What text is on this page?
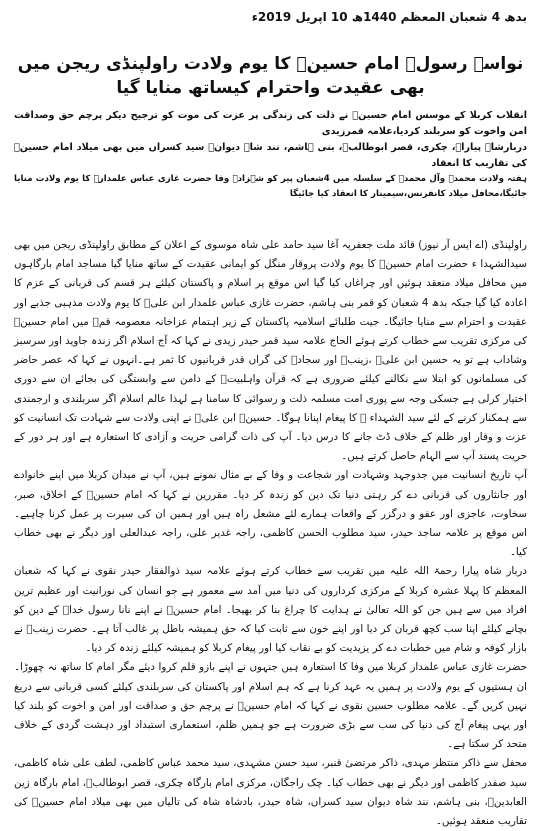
بدھ 4 شعبان المعظم 1440ھ 10 اپریل 2019ء
نواسہ رسولؐ امام حسینؑ کا یوم ولادت راولپنڈی ریجن میں بھی عقیدت واحترام کیساتھ منایا گیا
انقلاب کربلا کے موسس امام حسینؑ نے ذلت کی زندگی پر عزت کی موت کو ترجیح دیکر پرچم حق وصداقت امن واخوت کو سربلند کردیا،علامہ قمرزیدی
دربارشاہ پیاراؒ، چکری، قصر ابوطالبؑ، بنی ہاشم، نند شاہ دیوانؒ سید کسراں میں بھی میلاد امام حسینؑ کی تقاریب کا انعقاد
ہفتہ ولادت محمدؐ وآل محمدؐ کے سلسلہ میں 4شعبان پیر کو شہزادہ وفا حضرت غازی عباس علمدارؑ کا یوم ولادت منایا جائیگا،محافل میلاد کانفرنس،سیمینار کا انعقاد کیا جائیگا

راولپنڈی (اے ایس آر نیوز) قائد ملت جعفریہ آغا سید حامد علی شاہ موسوی کے اعلان کے مطابق راولپنڈی ریجن میں بھی سیدالشہدا ء حضرت امام حسینؑ کا یوم ولادت پروقار منگل کو ایمانی عقیدت کے ساتھ منایا گیا مساجد امام بارگاہوں میں محافل میلاد منعقد ہوئیں اور چراغاں کیا گیا اس موقع پر اسلام و پاکستان کیلئے ہر قسم کی قربانی کے عزم کا اعادہ کیا گیا جبکہ بدھ 4 شعبان کو قمر بنی ہاشم، حضرت غازی عباس علمدار ابن علیؑ کا یوم ولادت مذہبی جذبے اور عقیدت و احترام سے منایا جائیگا۔ جیت طلبائے اسلامیہ پاکستان کے زیر اہتمام عزاخانہ معصومہ قمؑ میں امام حسینؑ کی مرکزی تقریب سے خطاب کرتے ہوئے الحاج علامہ سید قمر حیدر زیدی نے کہا کہ آج اسلام اگر زندہ جاوید اور سرسبز وشاداب ہے تو یہ حسین ابن علیؑ ،زینبؑ اور سجادؑ کی گراں قدر قربانیوں کا ثمر ہے۔انہوں نے کہا کہ عصر حاضر کی مسلمانوں کو ابتلا سے نکالنے کیلئے ضروری ہے کہ قرآن واہلبیتؑ کے دامن سے وابستگی کی بجائے ان سے دوری اختیار کرلی ہے جسکی وجہ سے پوری امت مسلمہ ذلت و رسوائی کا سامنا ہے لہذا عالم اسلام اگر سربلندی و ارجمندی سے ہمکنار کرنے کے لئے سید الشہداء ؑ کا پیغام اپنانا ہوگا۔ حسینؑ ابن علیؑ نے اپنی ولادت سے شہادت تک انسانیت کو عزت و وقار اور ظلم کے خلاف ڈٹ جانے کا درس دیا۔ آپ کی ذات گرامی حریت و آزادی کا استعارہ ہے اور ہر دور کے حریت پسند آپ سے الہام حاصل کرتے ہیں۔

آپ تاریخ انسانیت میں جدوجہد وشہادت اور شجاعت و وفا کے بے مثال نمونے ہیں، آپ نے میدان کربلا میں اپنے خانوادے اور جانثاروں کی قربانی دے کر رہتی دنیا تک دین کو زندہ کر دیا۔ مقررین نے کہا کہ امام حسینؑ کے اخلاق، صبر، سخاوت، عاجزی اور عفو و درگزر کے واقعات ہمارے لئے مشعل راہ ہیں اور ہمیں ان کی سیرت پر عمل کرنا چاہیے۔ اس موقع پر علامہ ساجد حیدر، سید مطلوب الحسن کاظمی، راجہ غدیر علی، راجہ عبدالعلی اور دیگر نے بھی خطاب کیا۔

دربار شاہ پیارا رحمۃ اللہ علیہ میں تقریب سے خطاب کرتے ہوئے علامہ سید ذوالفقار حیدر نقوی نے کہا کہ شعبان المعظم کا پہلا عشرہ کربلا کے مرکزی کرداروں کی دنیا میں آمد سے معمور ہے جو انسان کی نورانیت اور عظیم ترین افراد میں سے ہیں جن کو اللہ تعالیٰ نے ہدایت کا چراغ بنا کر بھیجا۔ امام حسینؑ نے اپنے نانا رسول خداؐ کے دین کو بچانے کیلئے اپنا سب کچھ قربان کر دیا اور اپنے خون سے ثابت کیا کہ حق ہمیشہ باطل پر غالب آتا ہے۔ حضرت زینبؑ نے بازار کوفہ و شام میں خطبات دے کر یزیدیت کو بے نقاب کیا اور پیغام کربلا کو ہمیشہ کیلئے زندہ کر دیا۔

حضرت غازی عباس علمدار کربلا میں وفا کا استعارہ ہیں جنہوں نے اپنے بازو قلم کروا دیئے مگر امام کا ساتھ نہ چھوڑا۔ ان ہستیوں کے یوم ولادت پر ہمیں یہ عہد کرنا ہے کہ ہم اسلام اور پاکستان کی سربلندی کیلئے کسی قربانی سے دریغ نہیں کریں گے۔ علامہ مطلوب حسین نقوی نے کہا کہ امام حسینؑ نے پرچم حق و صداقت اور امن و اخوت کو بلند کیا اور یہی پیغام آج کی دنیا کی سب سے بڑی ضرورت ہے جو ہمیں ظلم، استعماری استبداد اور دہشت گردی کے خلاف متحد کر سکتا ہے۔

محفل سے ذاکر منتظر مہدی، ذاکر مرتضیٰ قنبر، سید حسن مشہدی، سید محمد عباس کاظمی، لطف علی شاہ کاظمی، سید صفدر کاظمی اور دیگر نے بھی خطاب کیا۔ چک راجگان، مرکزی امام بارگاہ چکری، قصر ابوطالبؑ، امام بارگاہ زین العابدینؑ، بنی ہاشم، نند شاہ دیوان سید کسراں، شاہ حیدر، بادشاہ شاہ کی تالیاں میں بھی میلاد امام حسینؑ کی تقاریب منعقد ہوئیں۔
